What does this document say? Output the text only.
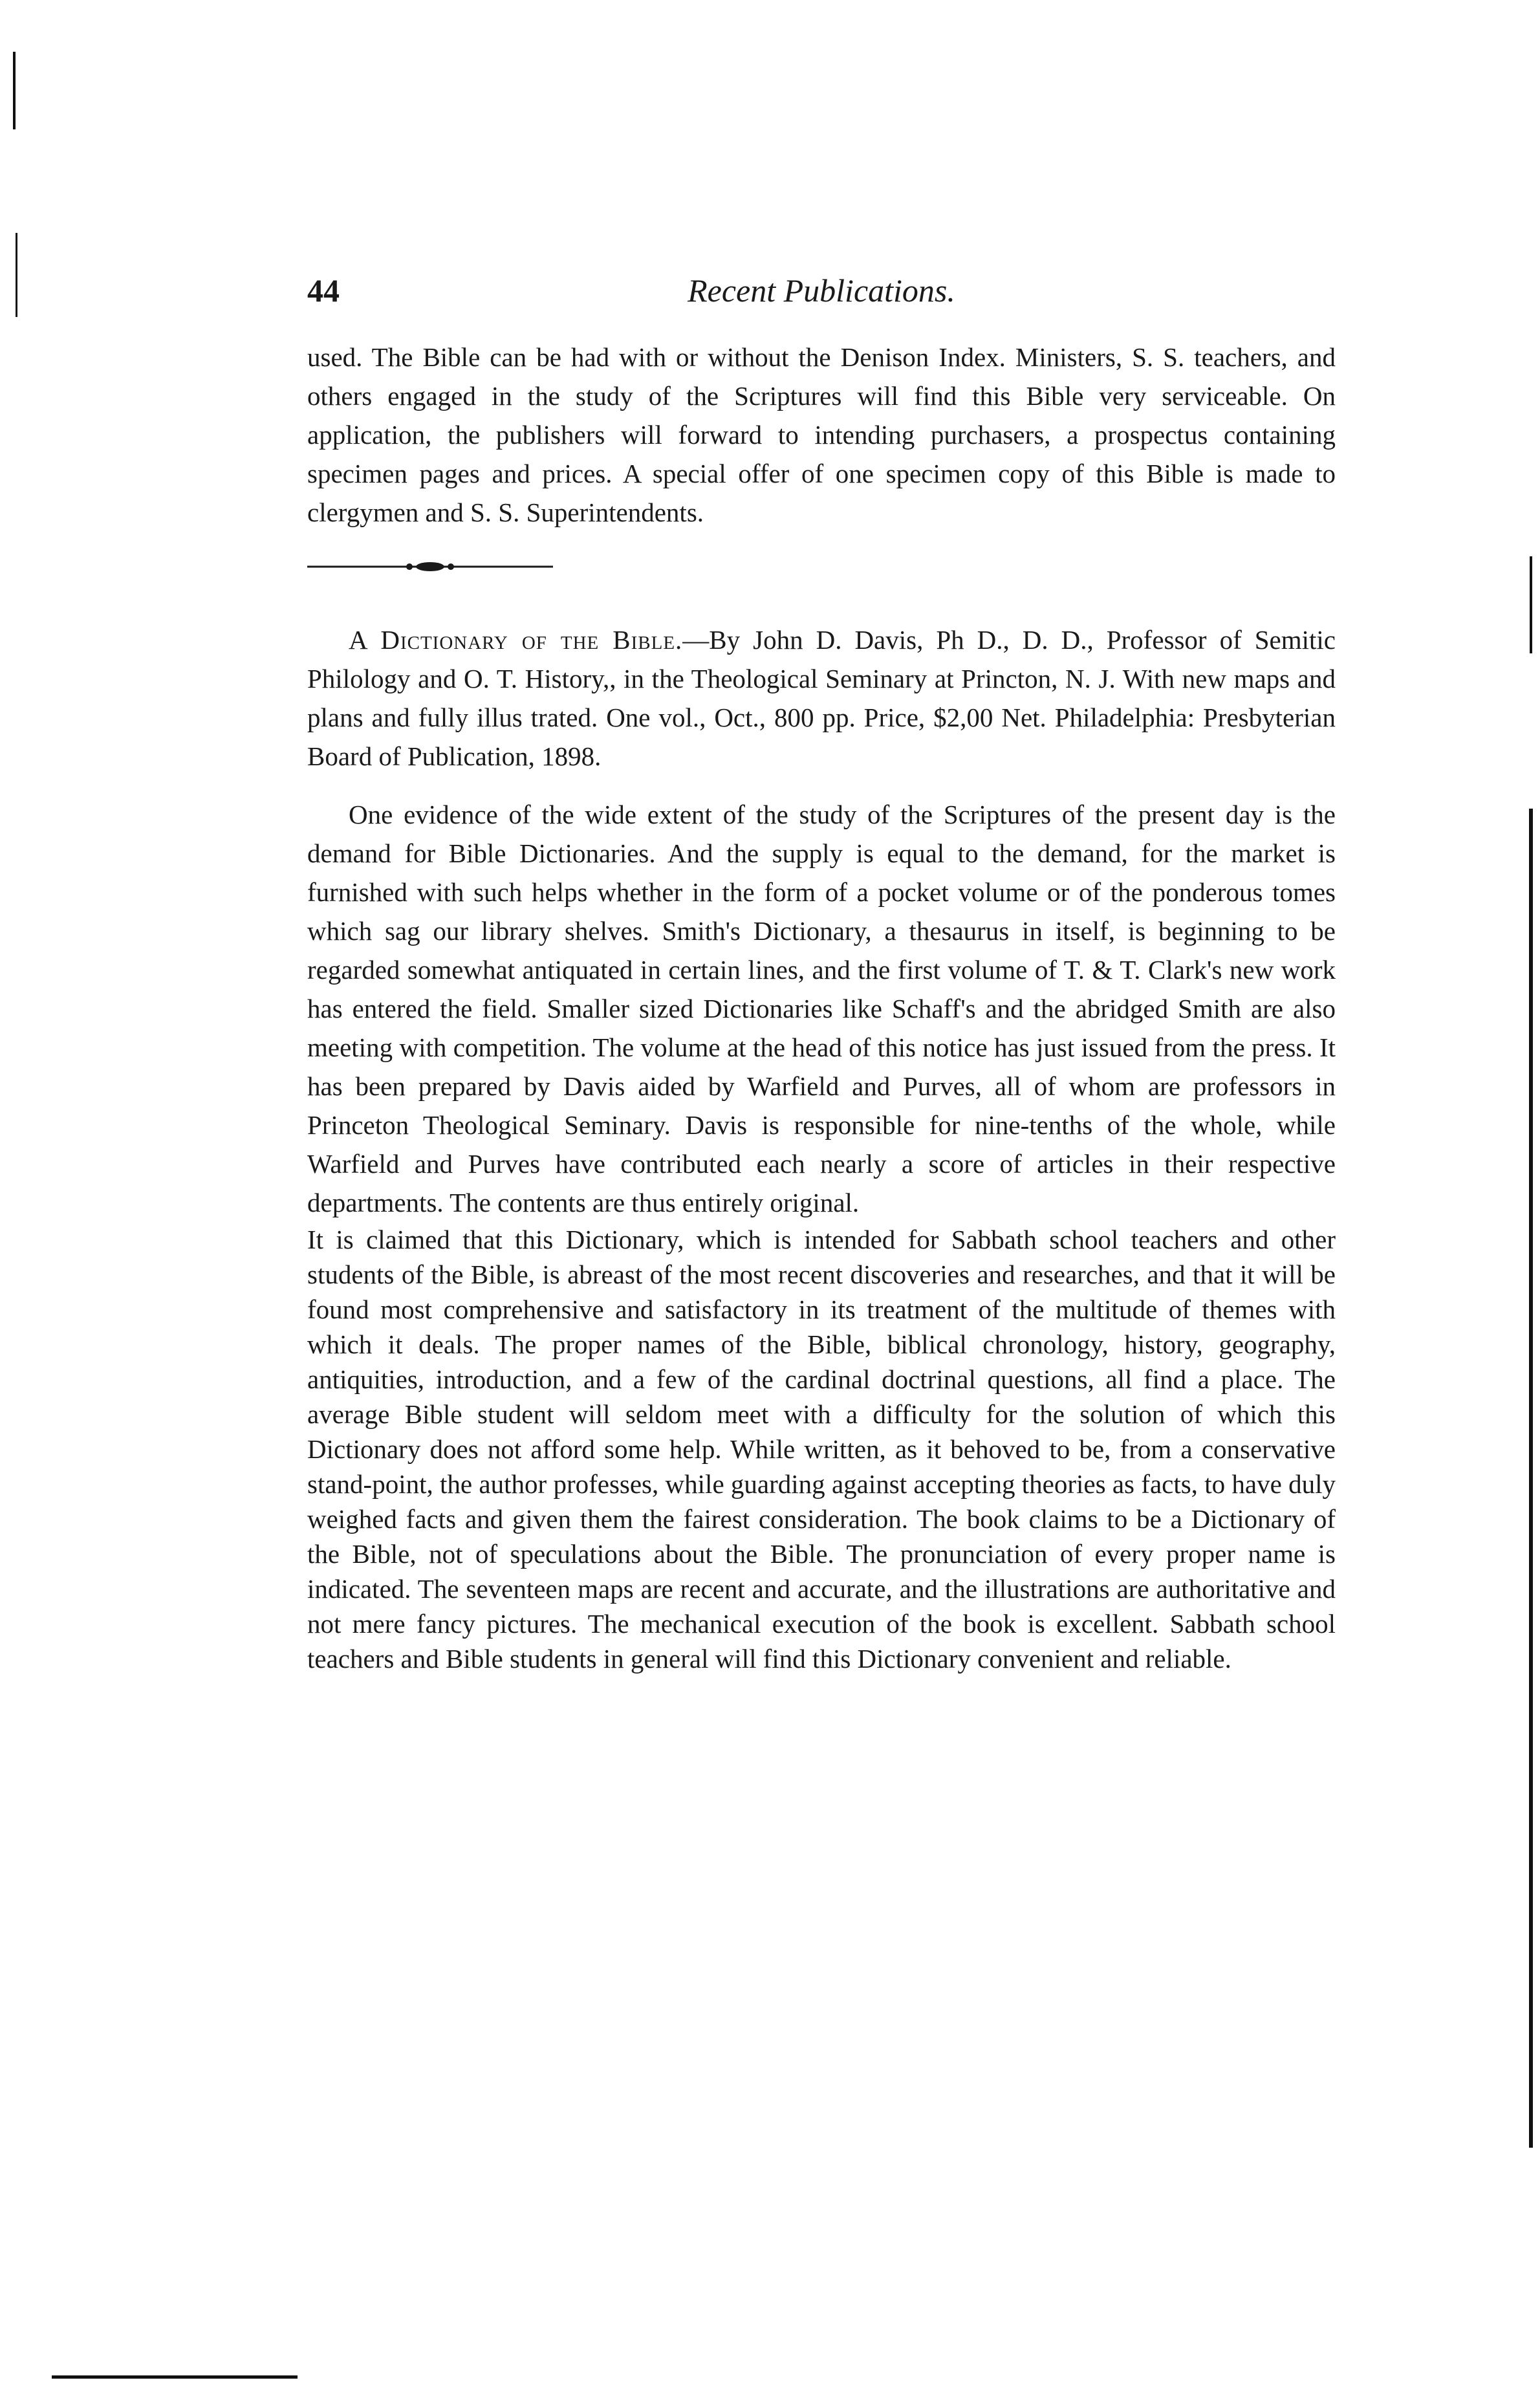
44	Recent Publications.

used. The Bible can be had with or without the Denison Index. Ministers, S. S. teachers, and others engaged in the study of the Scriptures will find this Bible very serviceable. On application, the publishers will forward to intending purchasers, a prospectus containing specimen pages and prices. A special offer of one specimen copy of this Bible is made to clergymen and S. S. Superintendents.

A Dictionary of the Bible.—By John D. Davis, Ph D., D. D., Professor of Semitic Philology and O. T. History,, in the Theological Seminary at Princton, N. J. With new maps and plans and fully illus trated. One vol., Oct., 800 pp. Price, $2,00 Net. Philadelphia: Presbyterian Board of Publication, 1898.

One evidence of the wide extent of the study of the Scriptures of the present day is the demand for Bible Dictionaries. And the supply is equal to the demand, for the market is furnished with such helps whether in the form of a pocket volume or of the ponderous tomes which sag our library shelves. Smith's Dictionary, a thesaurus in itself, is beginning to be regarded somewhat antiquated in certain lines, and the first volume of T. & T. Clark's new work has entered the field. Smaller sized Dictionaries like Schaff's and the abridged Smith are also meeting with competition. The volume at the head of this notice has just issued from the press. It has been prepared by Davis aided by Warfield and Purves, all of whom are professors in Princeton Theological Seminary. Davis is responsible for nine-tenths of the whole, while Warfield and Purves have contributed each nearly a score of articles in their respective departments. The contents are thus entirely original.

It is claimed that this Dictionary, which is intended for Sabbath school teachers and other students of the Bible, is abreast of the most recent discoveries and researches, and that it will be found most comprehensive and satisfactory in its treatment of the multitude of themes with which it deals. The proper names of the Bible, biblical chronology, history, geography, antiquities, introduction, and a few of the cardinal doctrinal questions, all find a place. The average Bible student will seldom meet with a difficulty for the solution of which this Dictionary does not afford some help. While written, as it behoved to be, from a conservative stand-point, the author professes, while guarding against accepting theories as facts, to have duly weighed facts and given them the fairest consideration. The book claims to be a Dictionary of the Bible, not of speculations about the Bible. The pronunciation of every proper name is indicated. The seventeen maps are recent and accurate, and the illustrations are authoritative and not mere fancy pictures. The mechanical execution of the book is excellent. Sabbath school teachers and Bible students in general will find this Dictionary convenient and reliable.
